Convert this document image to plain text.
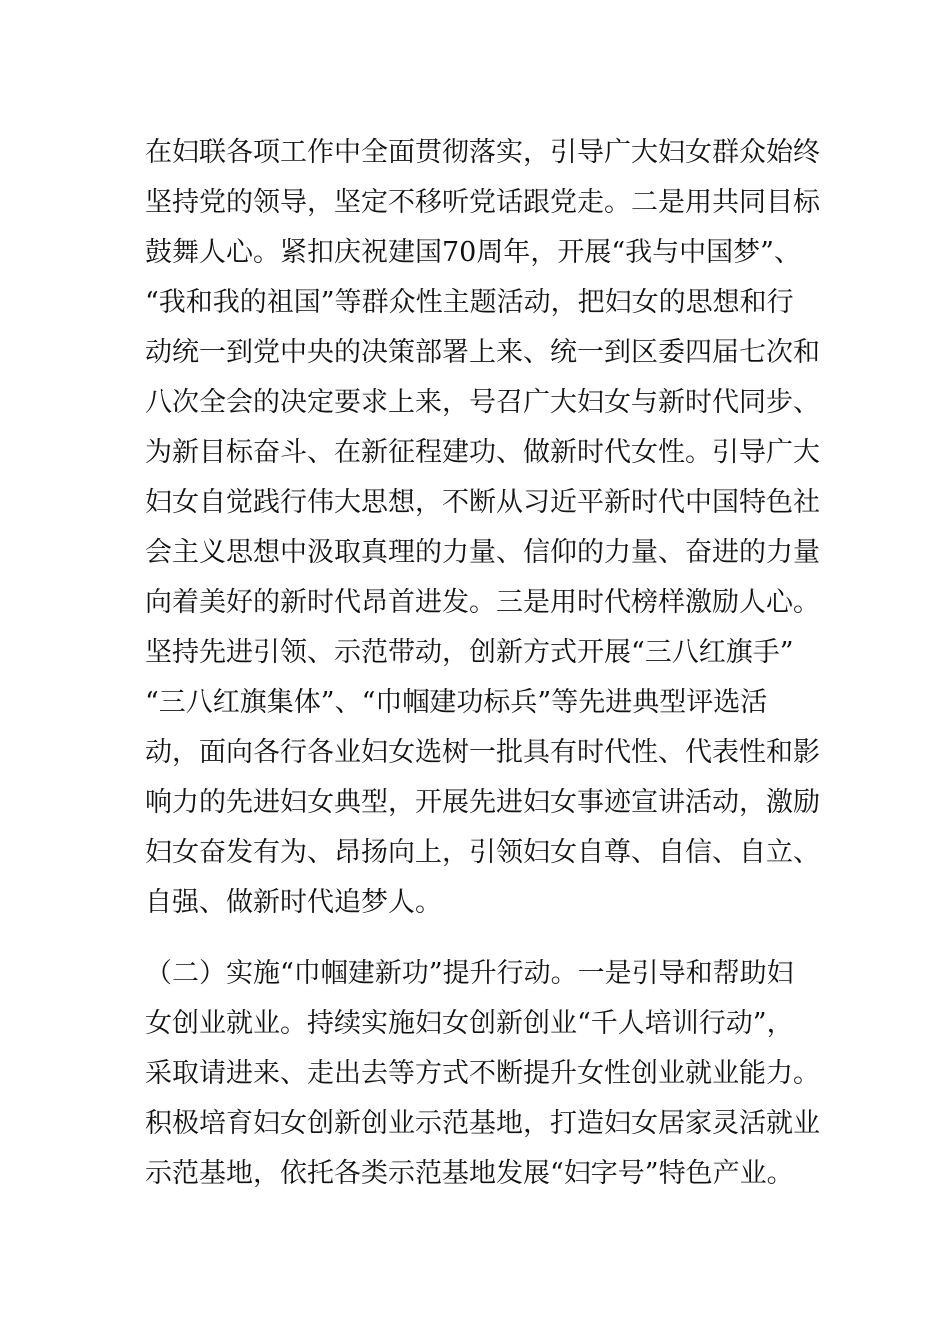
在妇联各项工作中全面贯彻落实，引导广大妇女群众始终
坚持党的领导，坚定不移听党话跟党走。二是用共同目标
鼓舞人心。紧扣庆祝建国70周年，开展“我与中国梦”、
“我和我的祖国”等群众性主题活动，把妇女的思想和行
动统一到党中央的决策部署上来、统一到区委四届七次和
八次全会的决定要求上来，号召广大妇女与新时代同步、
为新目标奋斗、在新征程建功、做新时代女性。引导广大
妇女自觉践行伟大思想，不断从习近平新时代中国特色社
会主义思想中汲取真理的力量、信仰的力量、奋进的力量
向着美好的新时代昂首进发。三是用时代榜样激励人心。
坚持先进引领、示范带动，创新方式开展“三八红旗手”
“三八红旗集体”、“巾帼建功标兵”等先进典型评选活
动，面向各行各业妇女选树一批具有时代性、代表性和影
响力的先进妇女典型，开展先进妇女事迹宣讲活动，激励
妇女奋发有为、昂扬向上，引领妇女自尊、自信、自立、
自强、做新时代追梦人。

（二）实施“巾帼建新功”提升行动。一是引导和帮助妇
女创业就业。持续实施妇女创新创业“千人培训行动”，
采取请进来、走出去等方式不断提升女性创业就业能力。
积极培育妇女创新创业示范基地，打造妇女居家灵活就业
示范基地，依托各类示范基地发展“妇字号”特色产业。
